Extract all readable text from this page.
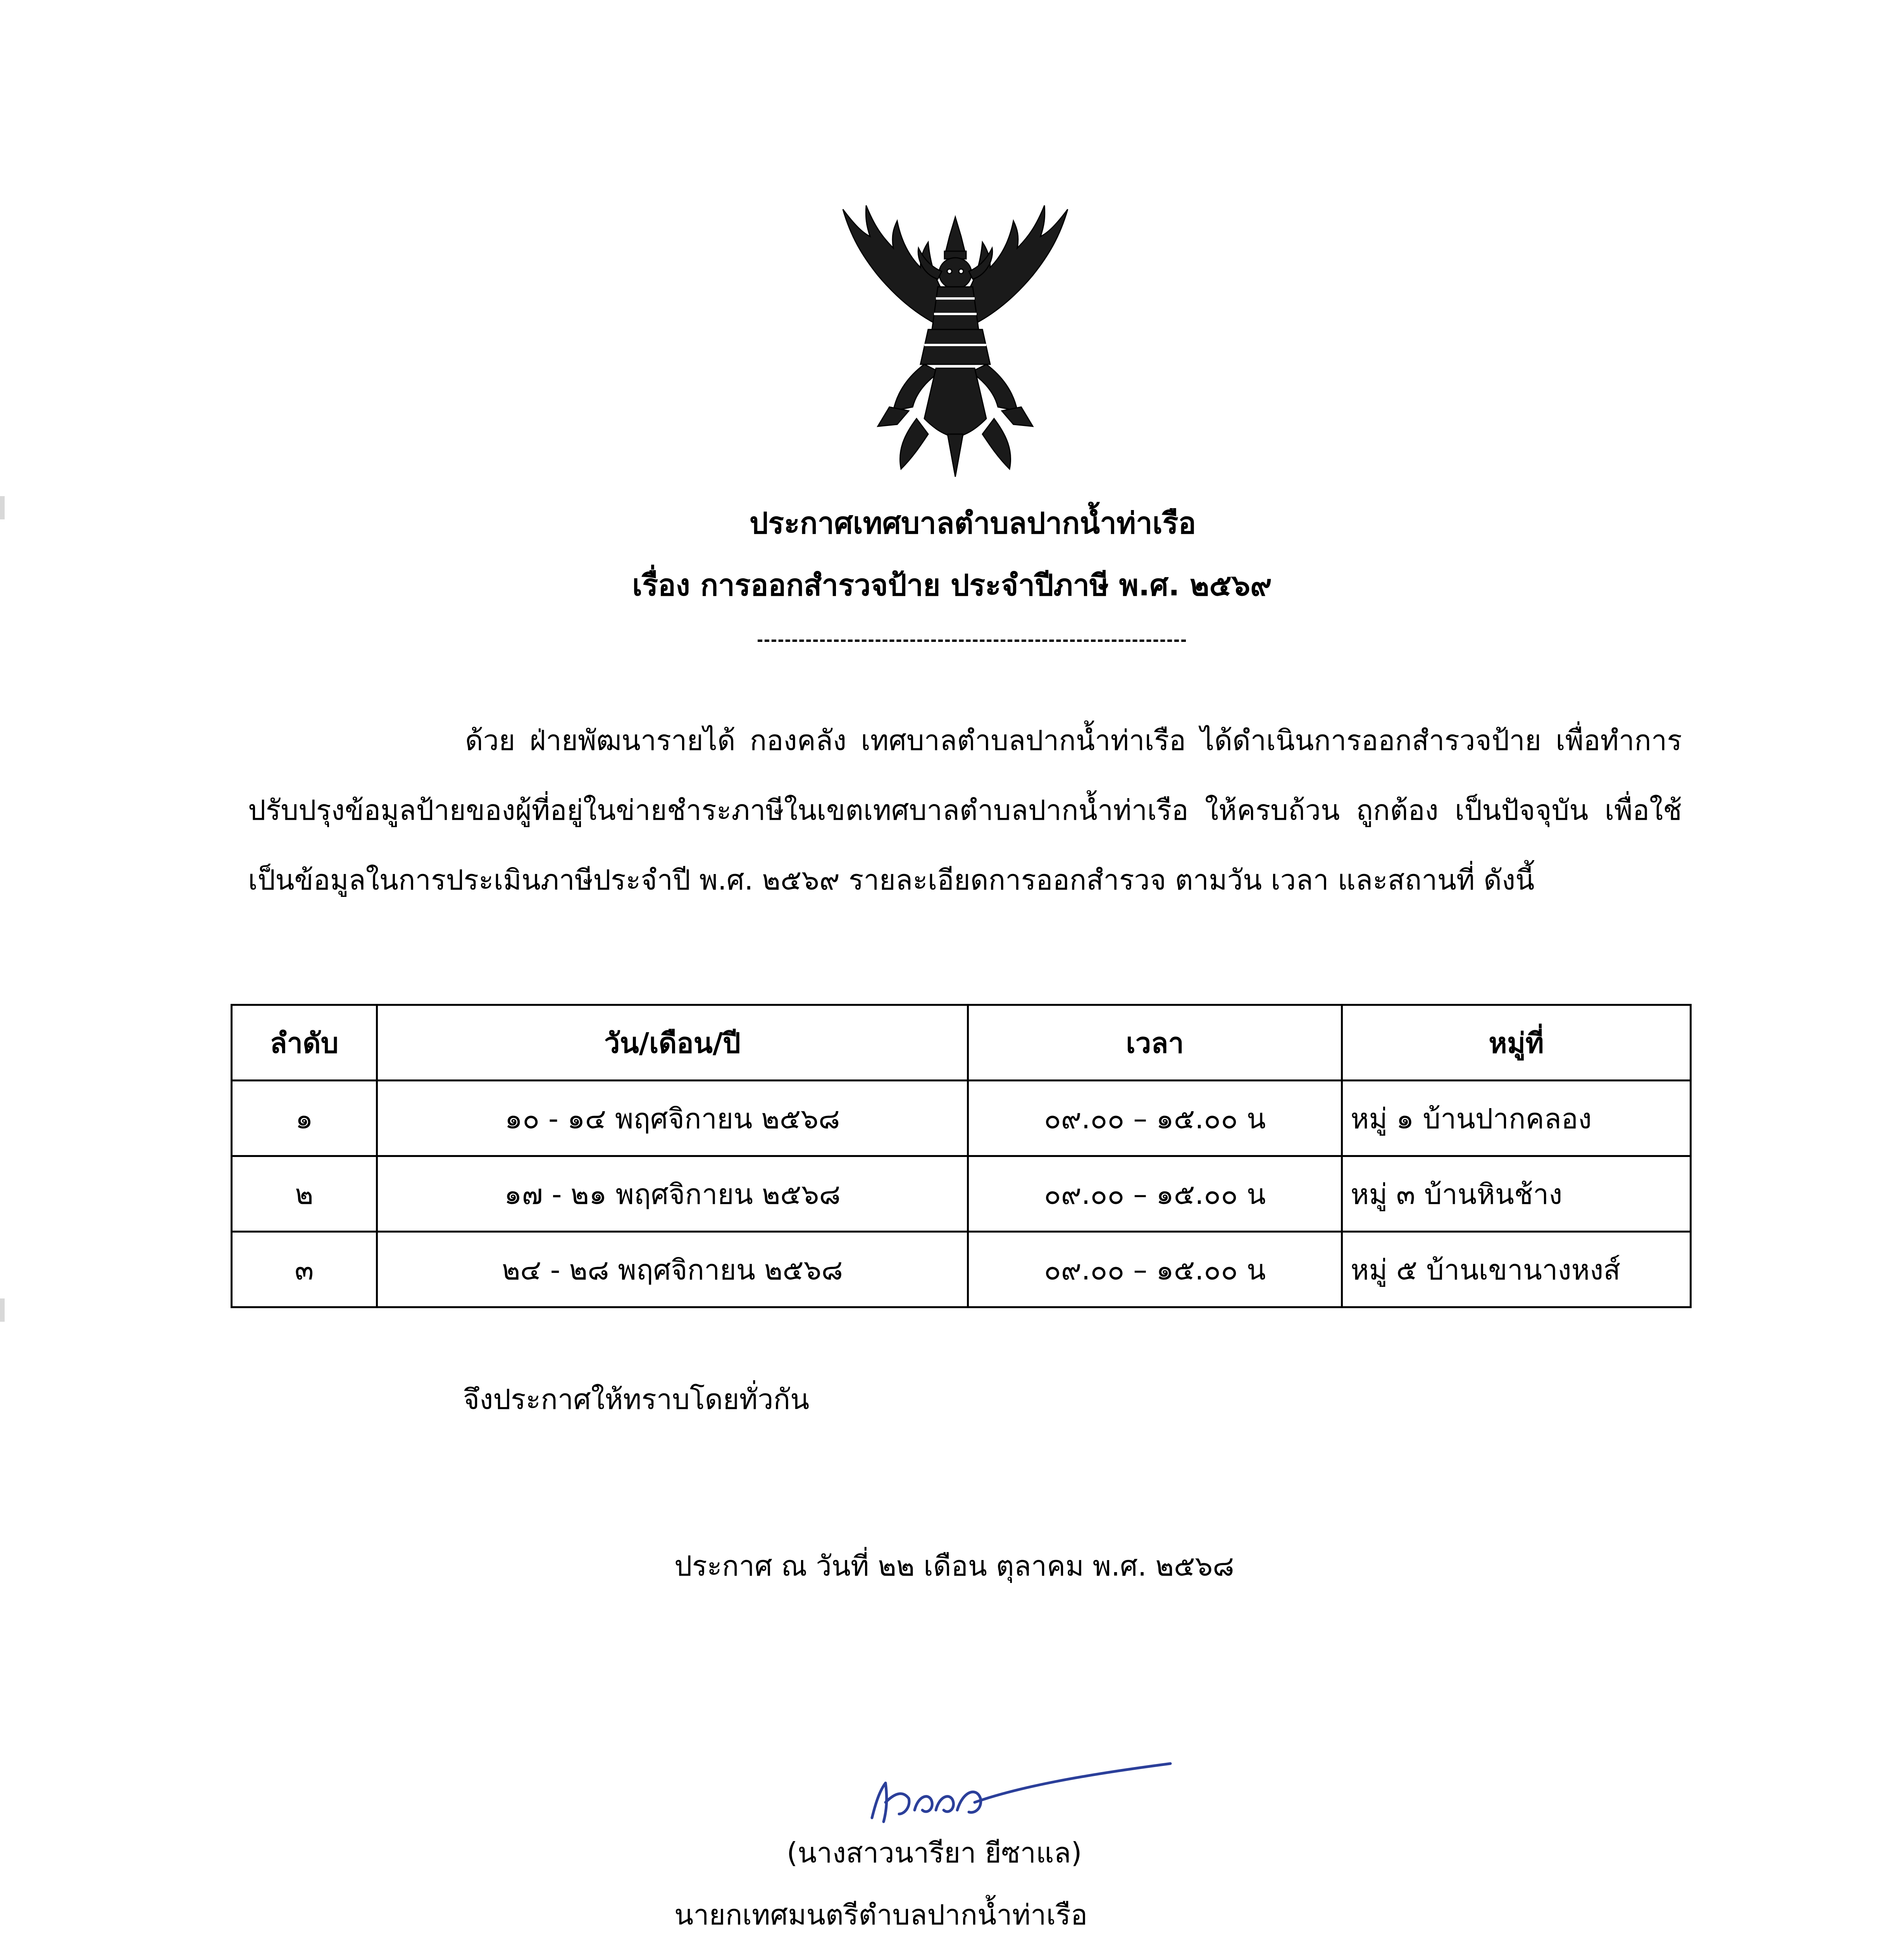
ประกาศเทศบาลตำบลปากน้ำท่าเรือ
เรื่อง การออกสำรวจป้าย ประจำปีภาษี พ.ศ. ๒๕๖๙

ด้วย ฝ่ายพัฒนารายได้ กองคลัง เทศบาลตำบลปากน้ำท่าเรือ ได้ดำเนินการออกสำรวจป้าย เพื่อทำการปรับปรุงข้อมูลป้ายของผู้ที่อยู่ในข่ายชำระภาษีในเขตเทศบาลตำบลปากน้ำท่าเรือ ให้ครบถ้วน ถูกต้อง เป็นปัจจุบัน เพื่อใช้เป็นข้อมูลในการประเมินภาษีประจำปี พ.ศ. ๒๕๖๙ รายละเอียดการออกสำรวจ ตามวัน เวลา และสถานที่ ดังนี้

ลำดับ	วัน/เดือน/ปี	เวลา	หมู่ที่
๑	๑๐ - ๑๔ พฤศจิกายน ๒๕๖๘	๐๙.๐๐ – ๑๕.๐๐ น	หมู่ ๑ บ้านปากคลอง
๒	๑๗ - ๒๑ พฤศจิกายน ๒๕๖๘	๐๙.๐๐ – ๑๕.๐๐ น	หมู่ ๓ บ้านหินช้าง
๓	๒๔ - ๒๘ พฤศจิกายน ๒๕๖๘	๐๙.๐๐ – ๑๕.๐๐ น	หมู่ ๕ บ้านเขานางหงส์
จึงประกาศให้ทราบโดยทั่วกัน
ประกาศ ณ วันที่ ๒๒ เดือน ตุลาคม พ.ศ. ๒๕๖๘
(นางสาวนารียา ยีซาแล)
นายกเทศมนตรีตำบลปากน้ำท่าเรือ
